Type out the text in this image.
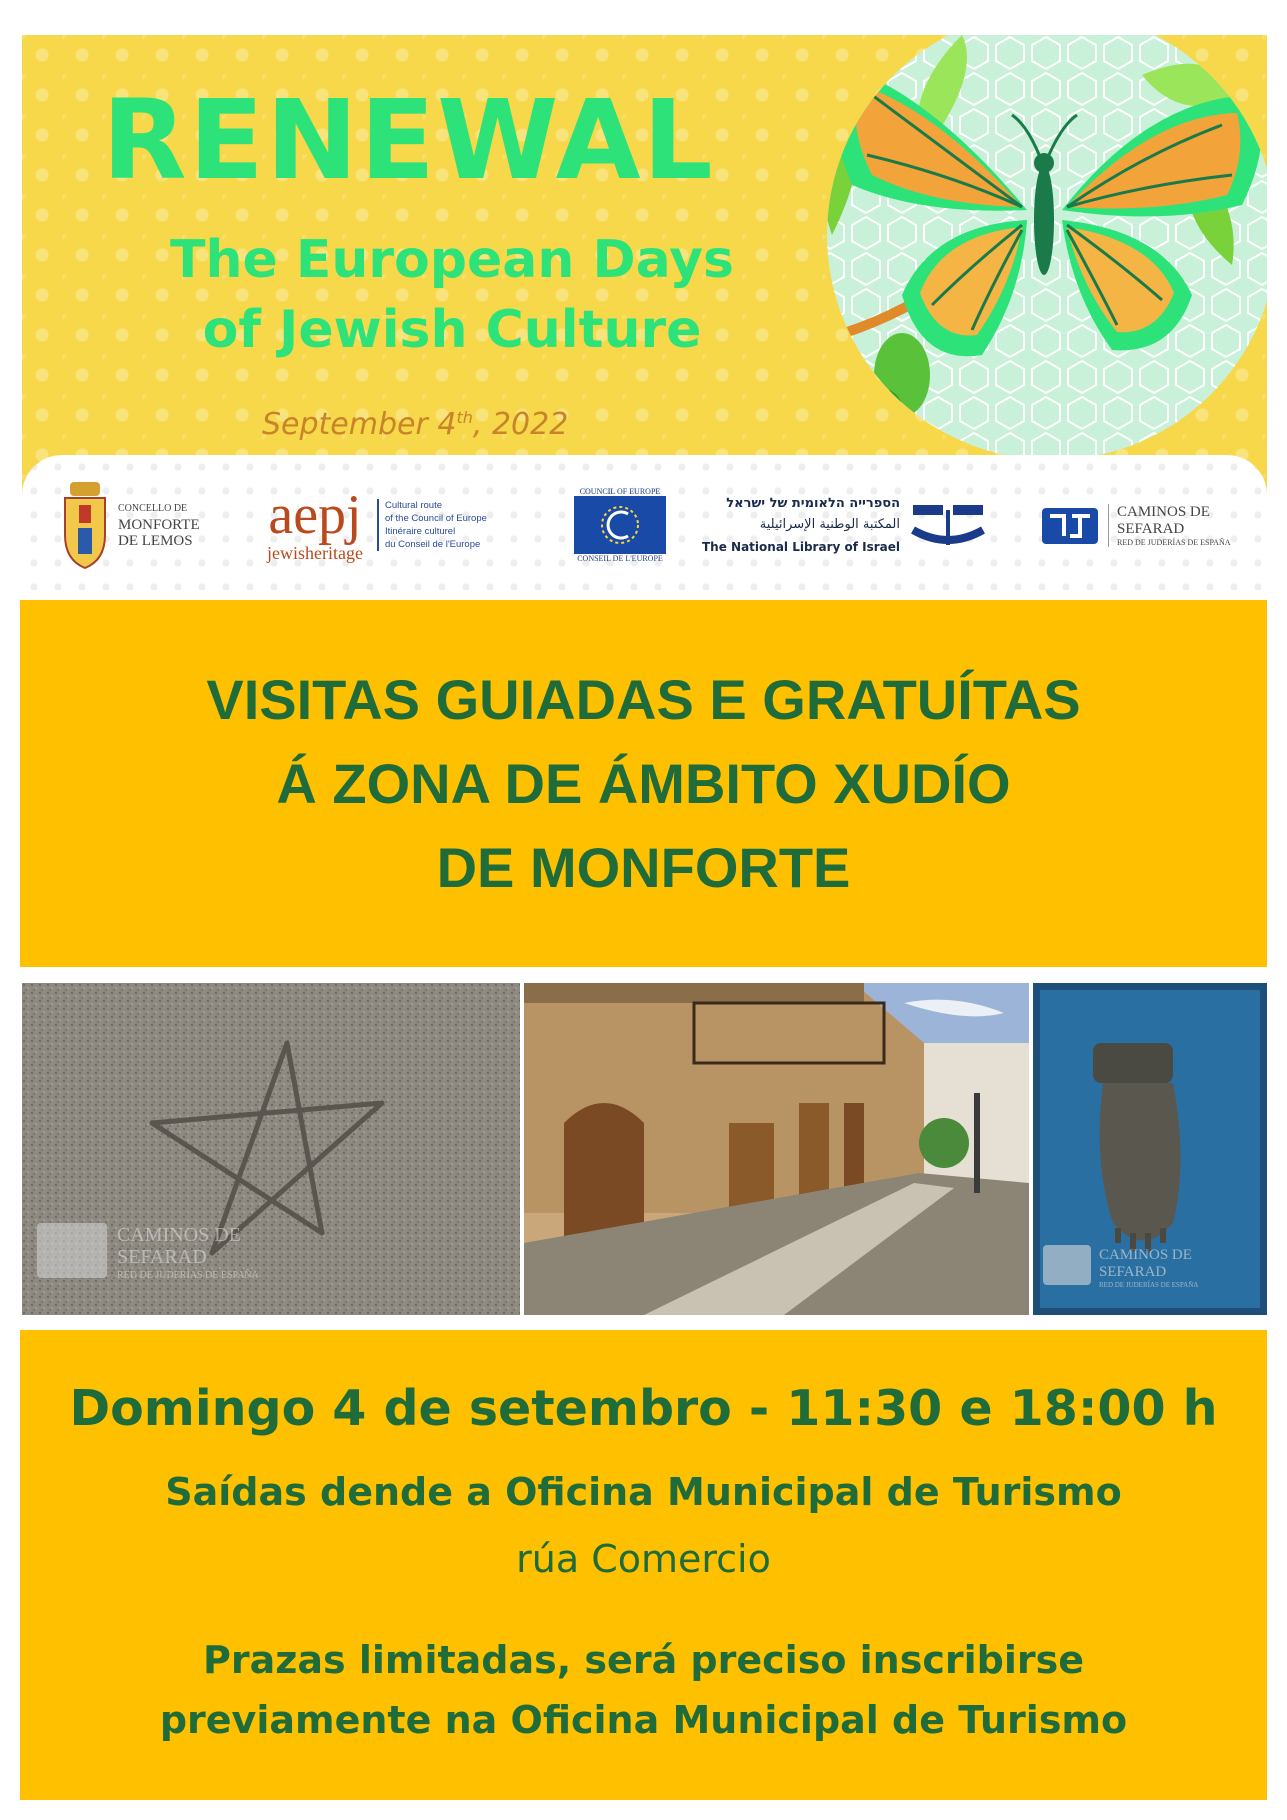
RENEWAL
The European Days
of Jewish Culture
September 4th, 2022
CONCELLO DE
MONFORTE
DE LEMOS aepj
jewisheritage
Cultural route
of the Council of Europe
Itinéraire culturel
du Conseil de l'Europe
COUNCIL OF EUROPE
CONSEIL DE L'EUROPE
הספרייה הלאומית של ישראל
المكتبة الوطنية الإسرائيلية
The National Library of Israel
CAMINOS DE
SEFARAD
RED DE JUDERÍAS DE ESPAÑA
VISITAS GUIADAS E GRATUÍTAS
Á ZONA DE ÁMBITO XUDÍO
DE MONFORTE
CAMINOS DE
SEFARAD
RED DE JUDERÍAS DE ESPAÑA
CAMINOS DE
SEFARAD
RED DE JUDERÍAS DE ESPAÑA
Domingo 4 de setembro - 11:30 e 18:00 h
Saídas dende a Oficina Municipal de Turismo
rúa Comercio
Prazas limitadas, será preciso inscribirse
previamente na Oficina Municipal de Turismo
